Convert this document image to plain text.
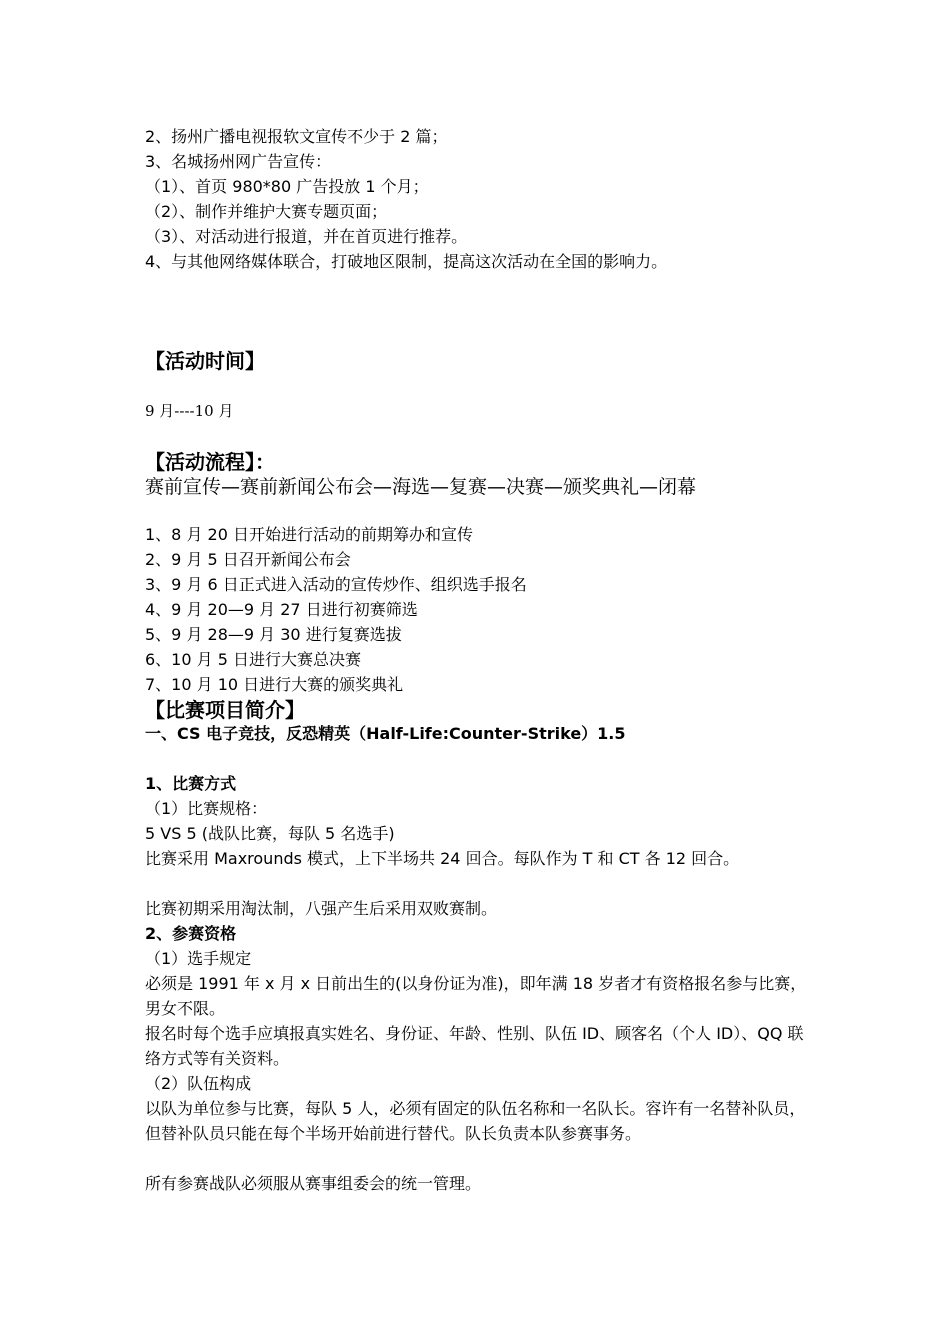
2、扬州广播电视报软文宣传不少于 2 篇；
3、名城扬州网广告宣传：
（1）、首页 980*80 广告投放 1 个月；
（2）、制作并维护大赛专题页面；
（3）、对活动进行报道，并在首页进行推荐。
4、与其他网络媒体联合，打破地区限制，提高这次活动在全国的影响力。
【活动时间】
9 月----10 月
【活动流程】：
赛前宣传—赛前新闻公布会—海选—复赛—决赛—颁奖典礼—闭幕
1、8 月 20 日开始进行活动的前期筹办和宣传
2、9 月 5 日召开新闻公布会
3、9 月 6 日正式进入活动的宣传炒作、组织选手报名
4、9 月 20—9 月 27 日进行初赛筛选
5、9 月 28—9 月 30 进行复赛选拔
6、10 月 5 日进行大赛总决赛
7、10 月 10 日进行大赛的颁奖典礼
【比赛项目简介】
一、CS 电子竞技，反恐精英（Half-Life:Counter-Strike）1.5
1、比赛方式
（1）比赛规格：
5 VS 5 (战队比赛，每队 5 名选手)
比赛采用 Maxrounds 模式，上下半场共 24 回合。每队作为 T 和 CT 各 12 回合。
比赛初期采用淘汰制，八强产生后采用双败赛制。
2、参赛资格
（1）选手规定
必须是 1991 年 x 月 x 日前出生的(以身份证为准)，即年满 18 岁者才有资格报名参与比赛，男女不限。
报名时每个选手应填报真实姓名、身份证、年龄、性别、队伍 ID、顾客名（个人 ID）、QQ 联络方式等有关资料。
（2）队伍构成
以队为单位参与比赛，每队 5 人，必须有固定的队伍名称和一名队长。容许有一名替补队员，但替补队员只能在每个半场开始前进行替代。队长负责本队参赛事务。
所有参赛战队必须服从赛事组委会的统一管理。
